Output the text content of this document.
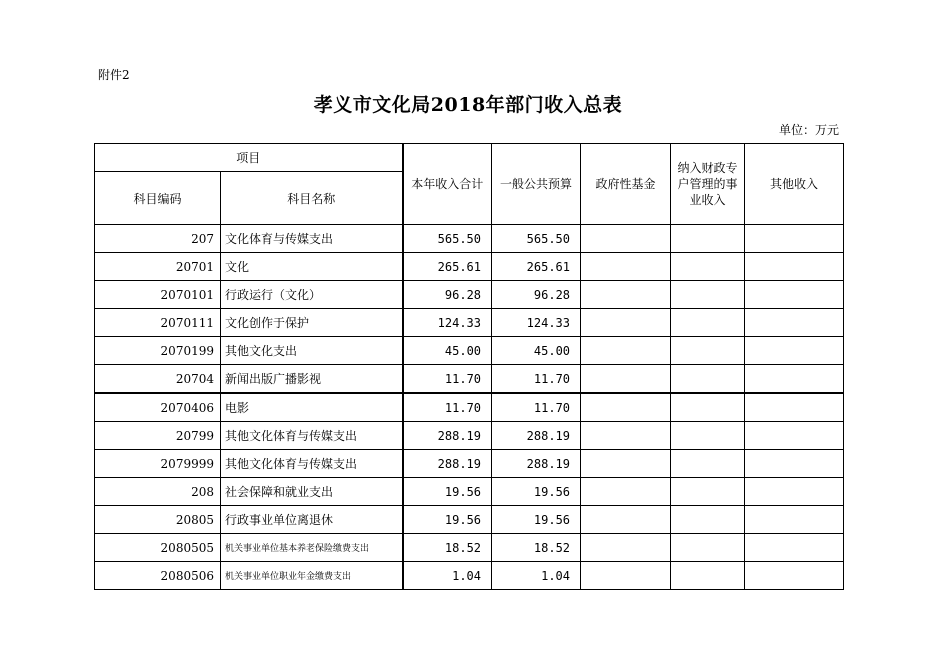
附件2
孝义市文化局2018年部门收入总表
单位：万元
项目		本年收入合计	一般公共预算	政府性基金	纳入财政专户管理的事业收入	其他收入
科目编码	科目名称					
207	文化体育与传媒支出	565.50	565.50			
20701	文化	265.61	265.61			
2070101	行政运行（文化）	96.28	96.28			
2070111	文化创作于保护	124.33	124.33			
2070199	其他文化支出	45.00	45.00			
20704	新闻出版广播影视	11.70	11.70			
2070406	电影	11.70	11.70			
20799	其他文化体育与传媒支出	288.19	288.19			
2079999	其他文化体育与传媒支出	288.19	288.19			
208	社会保障和就业支出	19.56	19.56			
20805	行政事业单位离退休	19.56	19.56			
2080505	机关事业单位基本养老保险缴费支出	18.52	18.52			
2080506	机关事业单位职业年金缴费支出	1.04	1.04			
